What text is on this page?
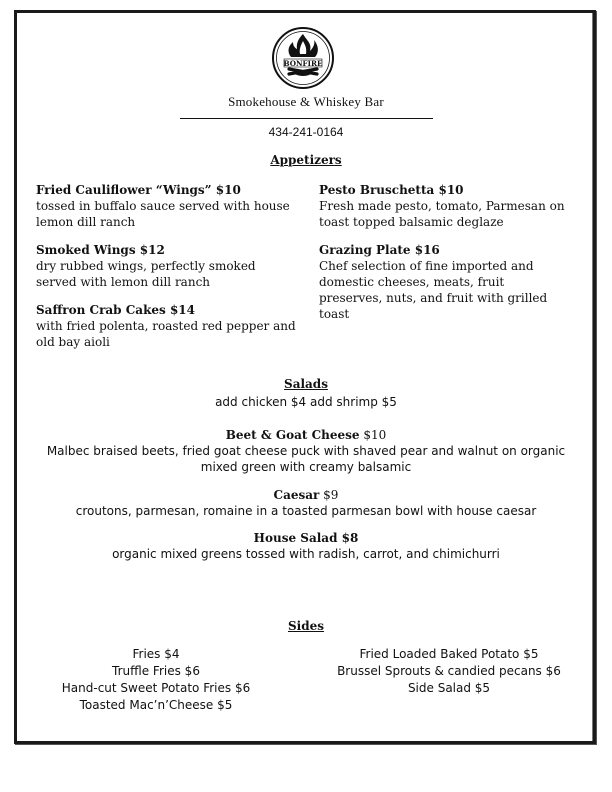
BONFIRE
Smokehouse & Whiskey Bar
434-241-0164
Appetizers
Fried Cauliflower “Wings” $10
tossed in buffalo sauce served with house lemon dill ranch
Smoked Wings $12
dry rubbed wings, perfectly smoked served with lemon dill ranch
Saffron Crab Cakes $14
with fried polenta, roasted red pepper and old bay aioli
Pesto Bruschetta $10
Fresh made pesto, tomato, Parmesan on toast topped balsamic deglaze
Grazing Plate $16
Chef selection of fine imported and domestic cheeses, meats, fruit preserves, nuts, and fruit with grilled toast
Salads
add chicken $4 add shrimp $5
Beet & Goat Cheese $10
Malbec braised beets, fried goat cheese puck with shaved pear and walnut on organic mixed green with creamy balsamic
Caesar $9
croutons, parmesan, romaine in a toasted parmesan bowl with house caesar
House Salad $8
organic mixed greens tossed with radish, carrot, and chimichurri
Sides
Fries $4
Truffle Fries $6
Hand-cut Sweet Potato Fries $6
Toasted Mac’n’Cheese $5
Fried Loaded Baked Potato $5
Brussel Sprouts & candied pecans $6
Side Salad $5
